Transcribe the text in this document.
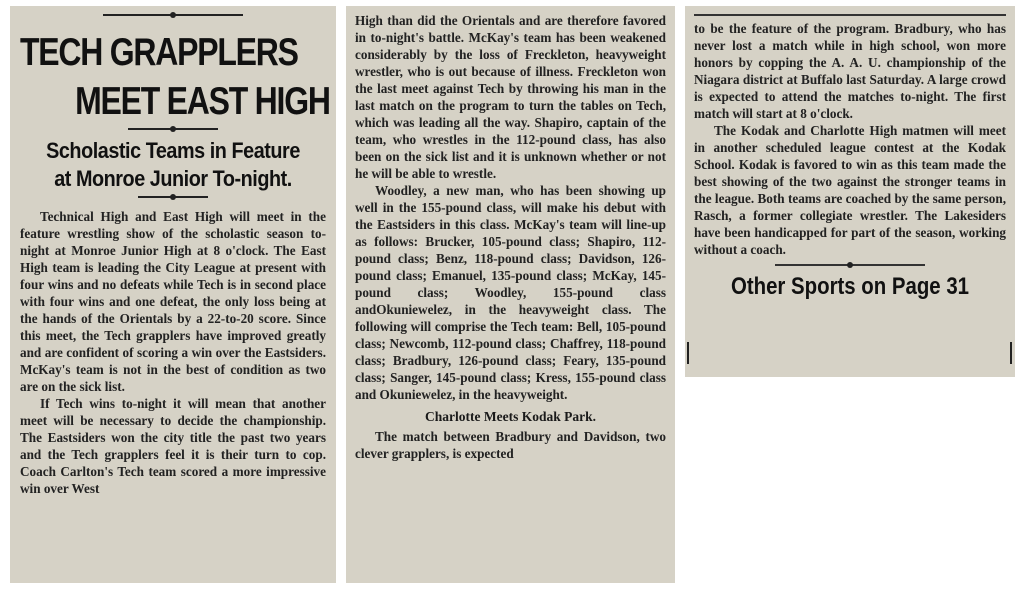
TECH GRAPPLERS
MEET EAST HIGH
Scholastic Teams in Feature at Monroe Junior To-night.

Technical High and East High will meet in the feature wrestling show of the scholastic season to-night at Monroe Junior High at 8 o'clock. The East High team is leading the City League at present with four wins and no defeats while Tech is in second place with four wins and one defeat, the only loss being at the hands of the Orientals by a 22-to-20 score. Since this meet, the Tech grapplers have improved greatly and are confident of scoring a win over the Eastsiders. McKay's team is not in the best of condition as two are on the sick list.

If Tech wins to-night it will mean that another meet will be necessary to decide the championship. The Eastsiders won the city title the past two years and the Tech grapplers feel it is their turn to cop. Coach Carlton's Tech team scored a more impressive win over West

High than did the Orientals and are therefore favored in to-night's battle. McKay's team has been weakened considerably by the loss of Freckleton, heavyweight wrestler, who is out because of illness. Freckleton won the last meet against Tech by throwing his man in the last match on the program to turn the tables on Tech, which was leading all the way. Shapiro, captain of the team, who wrestles in the 112-pound class, has also been on the sick list and it is unknown whether or not he will be able to wrestle.

Woodley, a new man, who has been showing up well in the 155-pound class, will make his debut with the Eastsiders in this class. McKay's team will line-up as follows: Brucker, 105-pound class; Shapiro, 112-pound class; Benz, 118-pound class; Davidson, 126-pound class; Emanuel, 135-pound class; McKay, 145-pound class; Woodley, 155-pound class andOkuniewelez, in the heavyweight class. The following will comprise the Tech team: Bell, 105-pound class; Newcomb, 112-pound class; Chaffrey, 118-pound class; Bradbury, 126-pound class; Feary, 135-pound class; Sanger, 145-pound class; Kress, 155-pound class and Okuniewelez, in the heavyweight.

Charlotte Meets Kodak Park.

The match between Bradbury and Davidson, two clever grapplers, is expected

to be the feature of the program. Bradbury, who has never lost a match while in high school, won more honors by copping the A. A. U. championship of the Niagara district at Buffalo last Saturday. A large crowd is expected to attend the matches to-night. The first match will start at 8 o'clock.

The Kodak and Charlotte High matmen will meet in another scheduled league contest at the Kodak School. Kodak is favored to win as this team made the best showing of the two against the stronger teams in the league. Both teams are coached by the same person, Rasch, a former collegiate wrestler. The Lakesiders have been handicapped for part of the season, working without a coach.

Other Sports on Page 31
